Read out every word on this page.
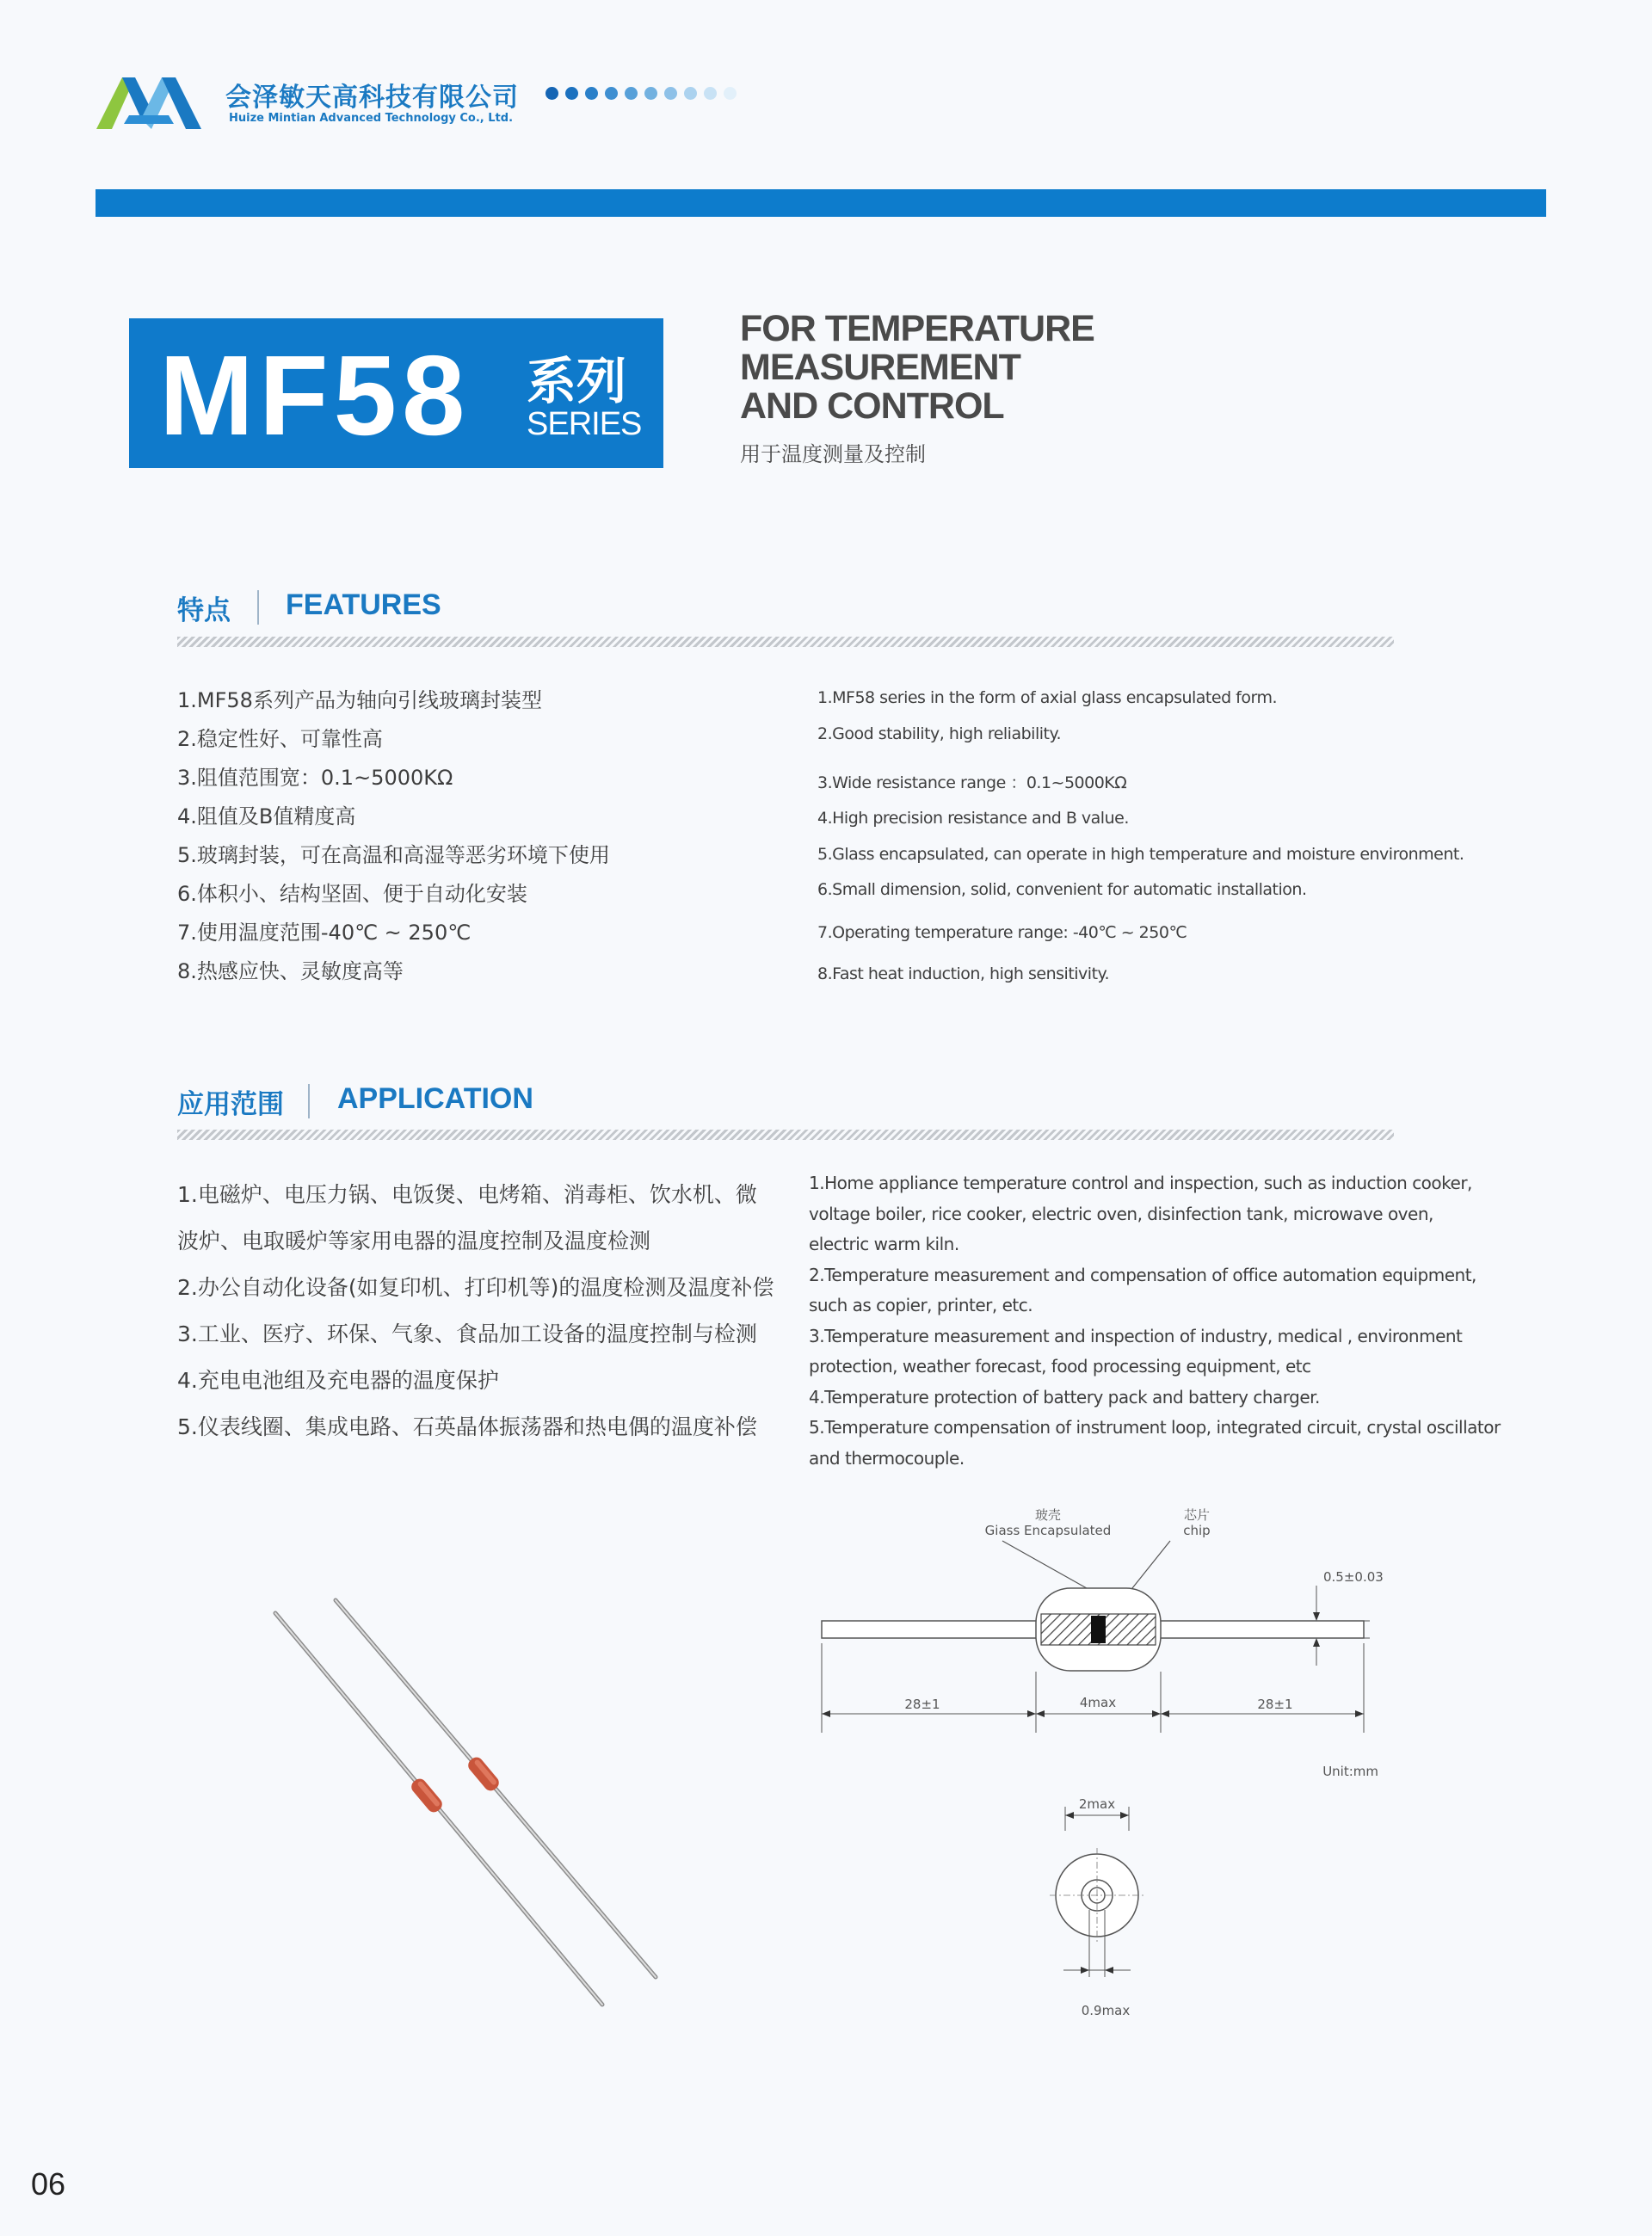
会泽敏天高科技有限公司
Huize Mintian Advanced Technology Co., Ltd.
MF58 系列
SERIES
FOR TEMPERATURE
MEASUREMENT
AND CONTROL
用于温度测量及控制
特点 FEATURES
1.MF58系列产品为轴向引线玻璃封装型
2.稳定性好、可靠性高
3.阻值范围宽：0.1~5000KΩ
4.阻值及B值精度高
5.玻璃封装，可在高温和高湿等恶劣环境下使用
6.体积小、结构坚固、便于自动化安装
7.使用温度范围-40℃ ~ 250℃
8.热感应快、灵敏度高等
1.MF58 series in the form of axial glass encapsulated form.
2.Good stability, high reliability.
3.Wide resistance range ：0.1~5000KΩ
4.High precision resistance and B value.
5.Glass encapsulated, can operate in high temperature and moisture environment.
6.Small dimension, solid, convenient for automatic installation.
7.Operating temperature range: -40℃ ~ 250℃
8.Fast heat induction, high sensitivity.
应用范围 APPLICATION
1.电磁炉、电压力锅、电饭煲、电烤箱、消毒柜、饮水机、微
波炉、电取暖炉等家用电器的温度控制及温度检测
2.办公自动化设备(如复印机、打印机等)的温度检测及温度补偿
3.工业、医疗、环保、气象、食品加工设备的温度控制与检测
4.充电电池组及充电器的温度保护
5.仪表线圈、集成电路、石英晶体振荡器和热电偶的温度补偿
1.Home appliance temperature control and inspection, such as induction cooker,
voltage boiler, rice cooker, electric oven, disinfection tank, microwave oven,
electric warm kiln.
2.Temperature measurement and compensation of office automation equipment,
such as copier, printer, etc.
3.Temperature measurement and inspection of industry, medical , environment
protection, weather forecast, food processing equipment, etc
4.Temperature protection of battery pack and battery charger.
5.Temperature compensation of instrument loop, integrated circuit, crystal oscillator
and thermocouple.
玻壳
Giass Encapsulated
芯片
chip
0.5±0.03
28±1	4max	28±1
Unit:mm
2max
0.9max
06
